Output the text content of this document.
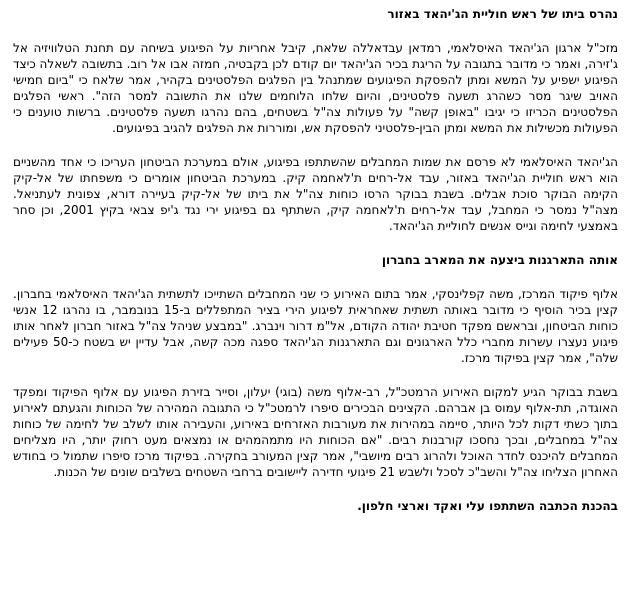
נהרס ביתו של ראש חוליית הג'יהאד באזור

מזכ"ל ארגון הג'יהאד האיסלאמי, רמדאן עבדאללה שלאח, קיבל אחריות על הפיגוע בשיחה עם תחנת הטלוויזיה אל ג'זירה, ואמר כי מדובר בתגובה על הריגת בכיר הג'יהאד יום קודם לכן בקבטיה, חמזה אבו אל רוב. בתשובה לשאלה כיצד הפיגוע ישפיע על המשא ומתן להפסקת הפיגועים שמתנהל בין הפלגים הפלסטינים בקהיר, אמר שלאח כי "ביום חמישי האויב שיגר מסר כשהרג תשעה פלסטינים, והיום שלחו הלוחמים שלנו את התשובה למסר הזה". ראשי הפלגים הפלסטינים הכריזו כי יגיבו "באופן קשה" על פעולות צה"ל בשטחים, בהם נהרגו תשעה פלסטינים. ברשות טוענים כי הפעולות מכשילות את המשא ומתן הבין-פלסטיני להפסקת אש, ומוררות את הפלגים להגיב בפיגועים.

הג'יהאד האיסלאמי לא פרסם את שמות המחבלים שהשתתפו בפיגוע, אולם במערכת הביטחון העריכו כי אחד מהשניים הוא ראש חוליית הג'יהאד באזור, עבד אל-רחים ת'לאחמה קיק. במערכת הביטחון אומרים כי משפחתו של אל-קיק הקימה הבוקר סוכת אבלים. בשבת בבוקר הרסו כוחות צה"ל את ביתו של אל-קיק בעיירה דורא, צפונית לעתניאל. מצה"ל נמסר כי המחבל, עבד אל-רחים ת'לאחמה קיק, השתתף גם בפיגוע ירי נגד ג'יפ צבאי בקיץ 2001, וכן סחר באמצעי לחימה וגייס אנשים לחוליית הג'יהאד.

אותה התארגנות ביצעה את המארב בחברון

אלוף פיקוד המרכז, משה קפלינסקי, אמר בתום האירוע כי שני המחבלים השתייכו לתשתית הג'יהאד האיסלאמי בחברון. קצין בכיר הוסיף כי מדובר באותה תשתית שאחראית לפיגוע הירי בציר המתפללים ב-15 בנובמבר, בו נהרגו 12 אנשי כוחות הביטחון, ובראשם מפקד חטיבת יהודה הקודם, אל"מ דרור וינברג. "במבצע שניהל צה"ל באזור חברון לאחר אותו פיגוע נעצרו עשרות מחברי כלל הארגונים וגם התארגנות הג'יהאד ספגה מכה קשה, אבל עדיין יש בשטח כ-50 פעילים שלה", אמר קצין בפיקוד מרכז.

בשבת בבוקר הגיע למקום האירוע הרמטכ"ל, רב-אלוף משה (בוגי) יעלון, וסייר בזירת הפיגוע עם אלוף הפיקוד ומפקד האוגדה, תת-אלוף עמוס בן אברהם. הקצינים הבכירים סיפרו לרמטכ"ל כי התגובה המהירה של הכוחות והגעתם לאירוע בתוך כשתי דקות לכל היותר, סיימה במהירות את מעורבות האזרחים באירוע, והעבירה אותו לשלב של לחימה של כוחות צה"ל במחבלים, ובכך נחסכו קורבנות רבים. "אם הכוחות היו מתמהמהים או נמצאים מעט רחוק יותר, היו מצליחים המחבלים להיכנס לחדר האוכל ולהרוג רבים מיושבי", אמר קצין המעורב בחקירה. בפיקוד מרכז סיפרו שתמול כי בחודש האחרון הצליחו צה"ל והשב"כ לסכל ולשבש 21 פיגועי חדירה ליישובים ברחבי השטחים בשלבים שונים של הכנות.

בהכנת הכתבה השתתפו עלי ואקד וארצי חלפון.
